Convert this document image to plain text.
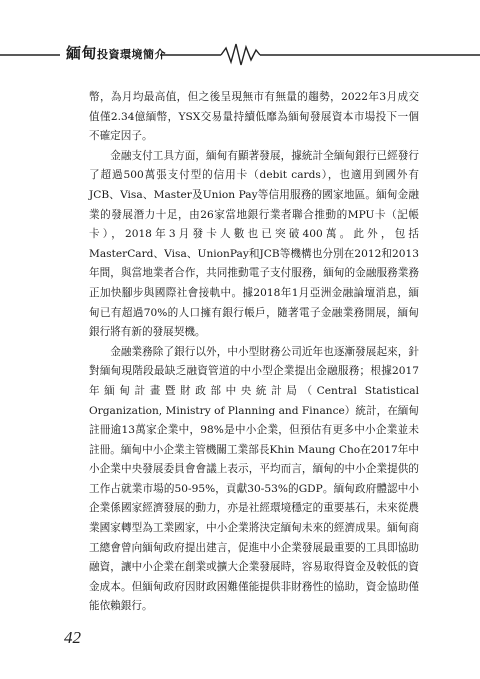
緬甸投資環境簡介

幣，為月均最高值，但之後呈現無市有無量的趨勢，2022年3月成交值僅2.34億緬幣，YSX交易量持續低靡為緬甸發展資本市場投下一個不確定因子。

金融支付工具方面，緬甸有顯著發展，據統計全緬甸銀行已經發行了超過500萬張支付型的信用卡（debit cards），也適用到國外有JCB、Visa、Master及Union Pay等信用服務的國家地區。緬甸金融業的發展潛力十足，由26家當地銀行業者聯合推動的MPU卡（記帳卡），2018年3月發卡人數也已突破400萬。此外，包括MasterCard、Visa、UnionPay和JCB等機構也分別在2012和2013年間，與當地業者合作，共同推動電子支付服務，緬甸的金融服務業務正加快腳步與國際社會接軌中。據2018年1月亞洲金融論壇消息，緬甸已有超過70%的人口擁有銀行帳戶，隨著電子金融業務開展，緬甸銀行將有新的發展契機。

金融業務除了銀行以外，中小型財務公司近年也逐漸發展起來，針對緬甸現階段最缺乏融資管道的中小型企業提出金融服務；根據2017年緬甸計畫暨財政部中央統計局（Central Statistical Organization, Ministry of Planning and Finance）統計，在緬甸註冊逾13萬家企業中，98%是中小企業，但預估有更多中小企業並未註冊。緬甸中小企業主管機關工業部長Khin Maung Cho在2017年中小企業中央發展委員會會議上表示，平均而言，緬甸的中小企業提供的工作占就業市場的50-95%，貢獻30-53%的GDP。緬甸政府體認中小企業係國家經濟發展的動力，亦是社經環境穩定的重要基石，未來從農業國家轉型為工業國家，中小企業將決定緬甸未來的經濟成果。緬甸商工總會曾向緬甸政府提出建言，促進中小企業發展最重要的工具即協助融資，讓中小企業在創業或擴大企業發展時，容易取得資金及較低的資金成本。但緬甸政府因財政困難僅能提供非財務性的協助，資金協助僅能依賴銀行。

42
